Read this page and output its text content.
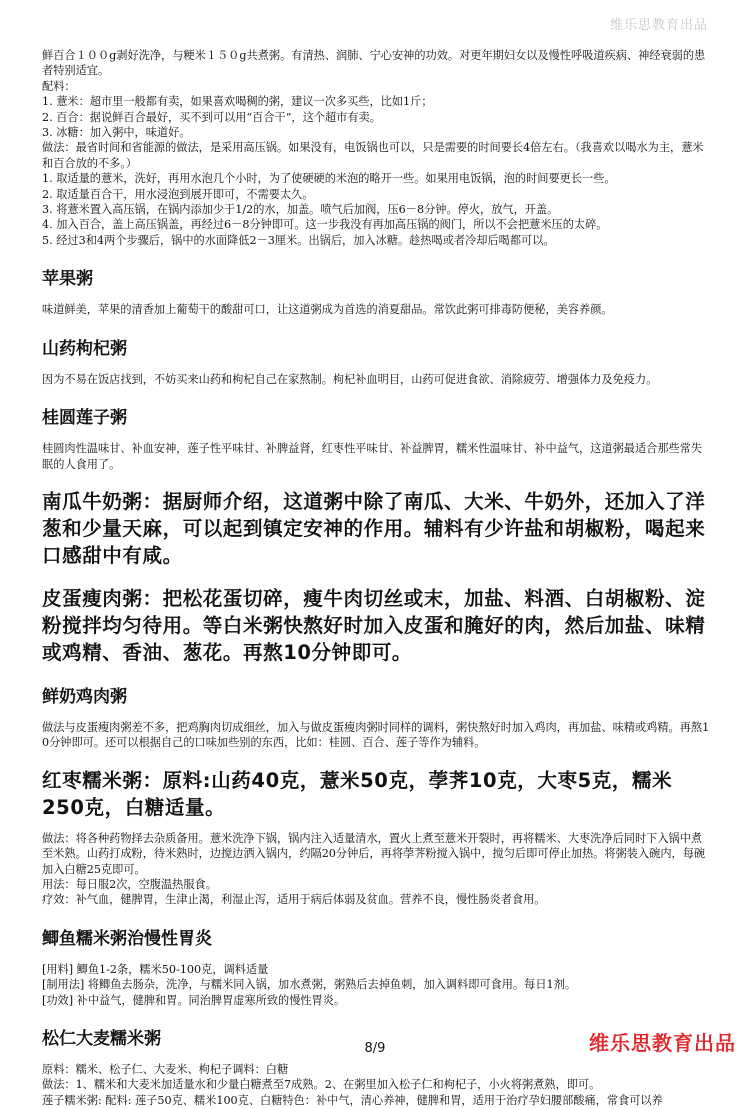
维乐思教育出品

鲜百合１００g剥好洗净，与粳米１５０g共煮粥。有清热、润肺、宁心安神的功效。对更年期妇女以及慢性呼吸道疾病、神经衰弱的患者特别适宜。

配料：

1. 薏米：超市里一般都有卖，如果喜欢喝稠的粥，建议一次多买些，比如1斤；

2. 百合：据说鲜百合最好，买不到可以用“百合干”，这个超市有卖。

3. 冰糖：加入粥中，味道好。

做法：最省时间和省能源的做法，是采用高压锅。如果没有，电饭锅也可以，只是需要的时间要长4倍左右。（我喜欢以喝水为主，薏米和百合放的不多。）

1. 取适量的薏米，洗好，再用水泡几个小时，为了使硬硬的米泡的略开一些。如果用电饭锅，泡的时间要更长一些。

2. 取适量百合干，用水浸泡到展开即可，不需要太久。

3. 将薏米置入高压锅，在锅内添加少于1/2的水，加盖。喷气后加阀，压6－8分钟。停火，放气，开盖。

4. 加入百合，盖上高压锅盖，再经过6－8分钟即可。这一步我没有再加高压锅的阀门，所以不会把薏米压的太碎。

5. 经过3和4两个步骤后，锅中的水面降低2－3厘米。出锅后，加入冰糖。趁热喝或者冷却后喝都可以。

苹果粥

味道鲜美，苹果的清香加上葡萄干的酸甜可口，让这道粥成为首选的消夏甜品。常饮此粥可排毒防便秘，美容养颜。

山药枸杞粥

因为不易在饭店找到，不妨买来山药和枸杞自己在家熬制。枸杞补血明目，山药可促进食欲、消除疲劳、增强体力及免疫力。

桂圆莲子粥

桂圆肉性温味甘、补血安神，莲子性平味甘、补脾益肾，红枣性平味甘、补益脾胃，糯米性温味甘、补中益气，这道粥最适合那些常失眠的人食用了。

南瓜牛奶粥：据厨师介绍，这道粥中除了南瓜、大米、牛奶外，还加入了洋葱和少量天麻，可以起到镇定安神的作用。辅料有少许盐和胡椒粉，喝起来口感甜中有咸。
皮蛋瘦肉粥：把松花蛋切碎，瘦牛肉切丝或末，加盐、料酒、白胡椒粉、淀粉搅拌均匀待用。等白米粥快熬好时加入皮蛋和腌好的肉，然后加盐、味精或鸡精、香油、葱花。再熬10分钟即可。
鲜奶鸡肉粥

做法与皮蛋瘦肉粥差不多，把鸡胸肉切成细丝，加入与做皮蛋瘦肉粥时同样的调料，粥快熬好时加入鸡肉，再加盐、味精或鸡精。再熬10分钟即可。还可以根据自己的口味加些别的东西，比如：桂圆、百合、莲子等作为辅料。

红枣糯米粥：原料:山药40克，薏米50克，荸荠10克，大枣5克，糯米250克，白糖适量。

做法：将各种药物择去杂质备用。薏米洗净下锅，锅内注入适量清水，置火上煮至薏米开裂时，再将糯米、大枣洗净后同时下入锅中煮至米熟。山药打成粉，待米熟时，边搅边洒入锅内，约隔20分钟后，再将荸荠粉搅入锅中，搅匀后即可停止加热。将粥装入碗内，每碗加入白糖25克即可。

用法：每日服2次，空腹温热服食。

疗效：补气血，健脾胃，生津止渴，利湿止泻，适用于病后体弱及贫血。营养不良，慢性肠炎者食用。

鲫鱼糯米粥治慢性胃炎

[用料] 鲫鱼1-2条，糯米50-100克，调料适量

[制用法] 将鲫鱼去肠杂，洗净，与糯米同入锅，加水煮粥，粥熟后去掉鱼刺，加入调料即可食用。每日1剂。

[功效] 补中益气，健脾和胃。同治脾胃虚寒所致的慢性胃炎。

松仁大麦糯米粥

原料：糯米、松子仁、大麦米、枸杞子调料：白糖

做法：1、糯米和大麦米加适量水和少量白糖煮至7成熟。2、在粥里加入松子仁和枸杞子，小火将粥煮熟，即可。

莲子糯米粥: 配料: 莲子50克、糯米100克、白糖特色：补中气，清心养神，健脾和胃，适用于治疗孕妇腰部酸痛，常食可以养

8/9	维乐思教育出品
